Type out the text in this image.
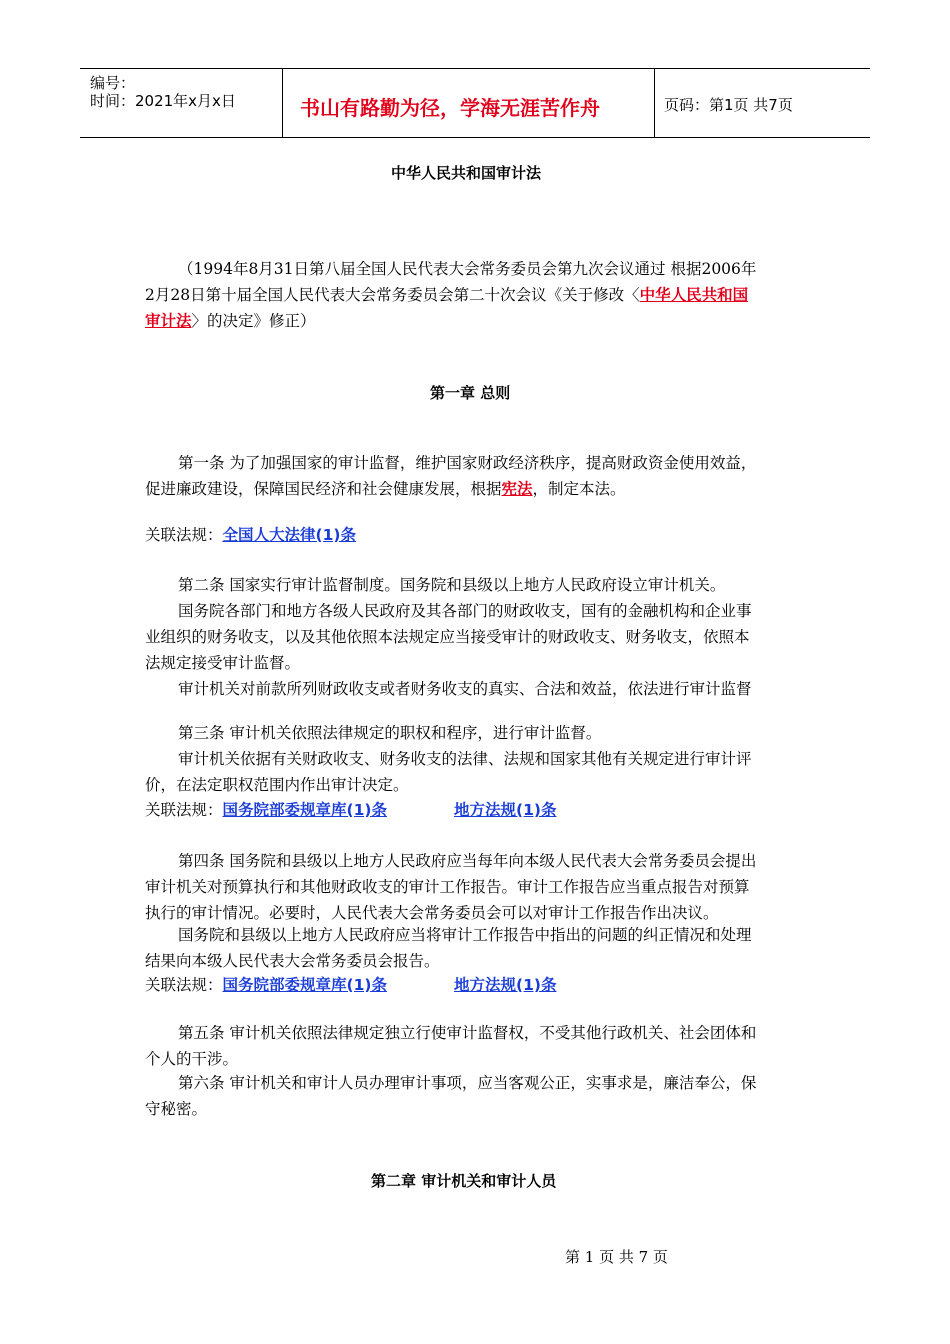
编号：
时间：2021年x月x日	书山有路勤为径，学海无涯苦作舟	页码：第1页 共7页
中华人民共和国审计法
（1994年8月31日第八届全国人民代表大会常务委员会第九次会议通过 根据2006年
2月28日第十届全国人民代表大会常务委员会第二十次会议《关于修改〈中华人民共和国
审计法〉的决定》修正）
第一章 总则
第一条 为了加强国家的审计监督，维护国家财政经济秩序，提高财政资金使用效益，
促进廉政建设，保障国民经济和社会健康发展，根据宪法，制定本法。
关联法规：全国人大法律(1)条
第二条 国家实行审计监督制度。国务院和县级以上地方人民政府设立审计机关。
国务院各部门和地方各级人民政府及其各部门的财政收支，国有的金融机构和企业事
业组织的财务收支，以及其他依照本法规定应当接受审计的财政收支、财务收支，依照本
法规定接受审计监督。
审计机关对前款所列财政收支或者财务收支的真实、合法和效益，依法进行审计监督
第三条 审计机关依照法律规定的职权和程序，进行审计监督。
审计机关依据有关财政收支、财务收支的法律、法规和国家其他有关规定进行审计评
价，在法定职权范围内作出审计决定。
关联法规：国务院部委规章库(1)条	地方法规(1)条
第四条 国务院和县级以上地方人民政府应当每年向本级人民代表大会常务委员会提出
审计机关对预算执行和其他财政收支的审计工作报告。审计工作报告应当重点报告对预算
执行的审计情况。必要时，人民代表大会常务委员会可以对审计工作报告作出决议。
国务院和县级以上地方人民政府应当将审计工作报告中指出的问题的纠正情况和处理
结果向本级人民代表大会常务委员会报告。
关联法规：国务院部委规章库(1)条	地方法规(1)条
第五条 审计机关依照法律规定独立行使审计监督权，不受其他行政机关、社会团体和
个人的干涉。
第六条 审计机关和审计人员办理审计事项，应当客观公正，实事求是，廉洁奉公，保
守秘密。
第二章 审计机关和审计人员
第 1 页 共 7 页
